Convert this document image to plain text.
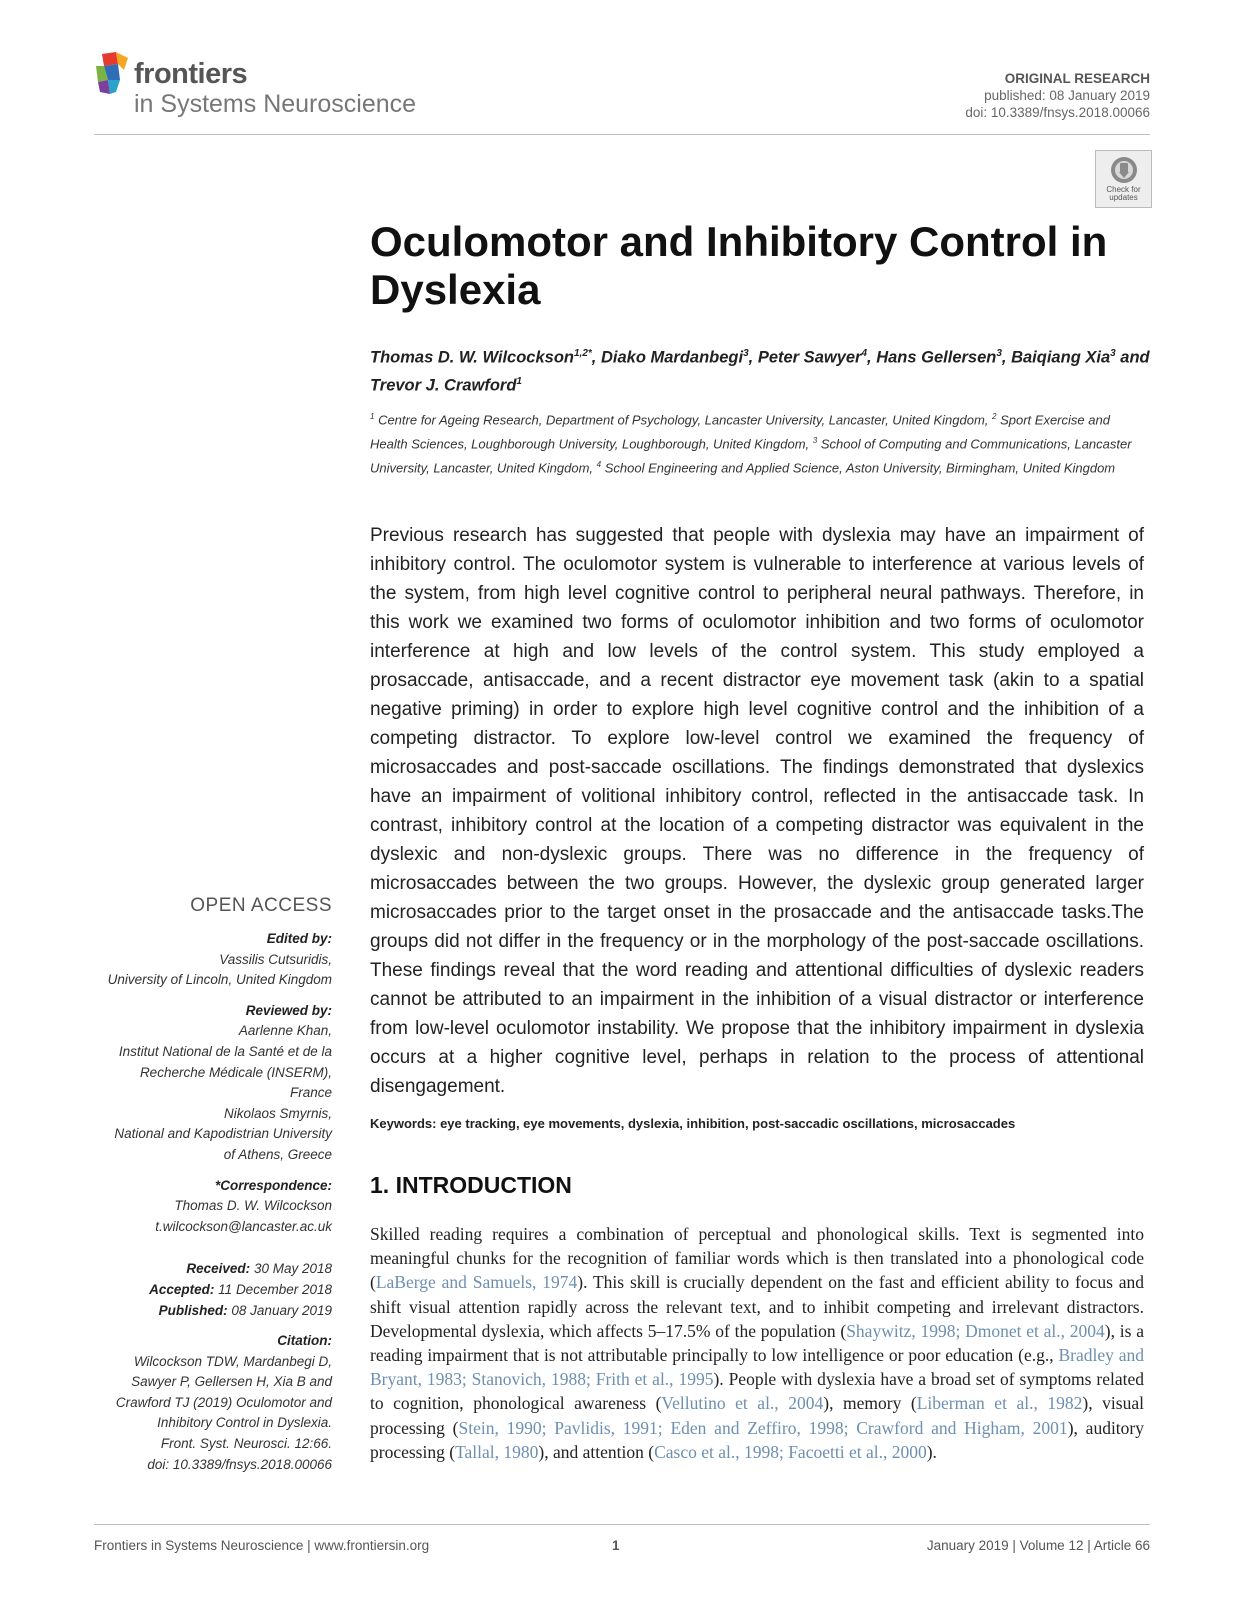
frontiers
in Systems Neuroscience
ORIGINAL RESEARCH
published: 08 January 2019
doi: 10.3389/fnsys.2018.00066
Check for updates
Oculomotor and Inhibitory Control in Dyslexia
Thomas D. W. Wilcockson$^{1,2*}$, Diako Mardanbegi$^3$, Peter Sawyer$^4$, Hans Gellersen$^3$, Baiqiang Xia$^3$ and Trevor J. Crawford$^1$
$^1$ Centre for Ageing Research, Department of Psychology, Lancaster University, Lancaster, United Kingdom, $^2$ Sport Exercise and Health Sciences, Loughborough University, Loughborough, United Kingdom, $^3$ School of Computing and Communications, Lancaster University, Lancaster, United Kingdom, $^4$ School Engineering and Applied Science, Aston University, Birmingham, United Kingdom

Previous research has suggested that people with dyslexia may have an impairment of inhibitory control. The oculomotor system is vulnerable to interference at various levels of the system, from high level cognitive control to peripheral neural pathways. Therefore, in this work we examined two forms of oculomotor inhibition and two forms of oculomotor interference at high and low levels of the control system. This study employed a prosaccade, antisaccade, and a recent distractor eye movement task (akin to a spatial negative priming) in order to explore high level cognitive control and the inhibition of a competing distractor. To explore low-level control we examined the frequency of microsaccades and post-saccade oscillations. The findings demonstrated that dyslexics have an impairment of volitional inhibitory control, reflected in the antisaccade task. In contrast, inhibitory control at the location of a competing distractor was equivalent in the dyslexic and non-dyslexic groups. There was no difference in the frequency of microsaccades between the two groups. However, the dyslexic group generated larger microsaccades prior to the target onset in the prosaccade and the antisaccade tasks.The groups did not differ in the frequency or in the morphology of the post-saccade oscillations. These findings reveal that the word reading and attentional difficulties of dyslexic readers cannot be attributed to an impairment in the inhibition of a visual distractor or interference from low-level oculomotor instability. We propose that the inhibitory impairment in dyslexia occurs at a higher cognitive level, perhaps in relation to the process of attentional disengagement.

Keywords: eye tracking, eye movements, dyslexia, inhibition, post-saccadic oscillations, microsaccades
1. INTRODUCTION

Skilled reading requires a combination of perceptual and phonological skills. Text is segmented into meaningful chunks for the recognition of familiar words which is then translated into a phonological code (LaBerge and Samuels, 1974). This skill is crucially dependent on the fast and efficient ability to focus and shift visual attention rapidly across the relevant text, and to inhibit competing and irrelevant distractors. Developmental dyslexia, which affects 5–17.5% of the population (Shaywitz, 1998; Dmonet et al., 2004), is a reading impairment that is not attributable principally to low intelligence or poor education (e.g., Bradley and Bryant, 1983; Stanovich, 1988; Frith et al., 1995). People with dyslexia have a broad set of symptoms related to cognition, phonological awareness (Vellutino et al., 2004), memory (Liberman et al., 1982), visual processing (Stein, 1990; Pavlidis, 1991; Eden and Zeffiro, 1998; Crawford and Higham, 2001), auditory processing (Tallal, 1980), and attention (Casco et al., 1998; Facoetti et al., 2000).

OPEN ACCESS
Edited by:
Vassilis Cutsuridis,
University of Lincoln, United Kingdom
Reviewed by:
Aarlenne Khan,
Institut National de la Santé et de la
Recherche Médicale (INSERM),
France
Nikolaos Smyrnis,
National and Kapodistrian University
of Athens, Greece
*Correspondence:
Thomas D. W. Wilcockson
t.wilcockson@lancaster.ac.uk
Received: 30 May 2018
Accepted: 11 December 2018
Published: 08 January 2019
Citation:
Wilcockson TDW, Mardanbegi D,
Sawyer P, Gellersen H, Xia B and
Crawford TJ (2019) Oculomotor and
Inhibitory Control in Dyslexia.
Front. Syst. Neurosci. 12:66.
doi: 10.3389/fnsys.2018.00066
Frontiers in Systems Neuroscience | www.frontiersin.org	1	January 2019 | Volume 12 | Article 66
